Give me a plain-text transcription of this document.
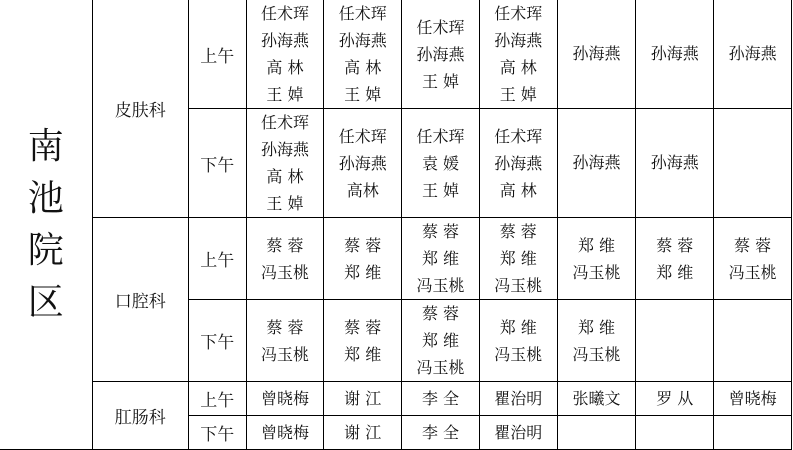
南
池
院
区	皮肤科	上午	任术珲
孙海燕
高 林
王 婥	任术珲
孙海燕
高 林
王 婥	任术珲
孙海燕
王 婥	任术珲
孙海燕
高 林
王 婥	孙海燕	孙海燕	孙海燕
		下午	任术珲
孙海燕
高 林
王 婥	任术珲
孙海燕
高林	任术珲
袁 媛
王 婥	任术珲
孙海燕
高 林	孙海燕	孙海燕	
	口腔科	上午	蔡 蓉
冯玉桃	蔡 蓉
郑 维	蔡 蓉
郑 维
冯玉桃	蔡 蓉
郑 维
冯玉桃	郑 维
冯玉桃	蔡 蓉
郑 维	蔡 蓉
冯玉桃

		下午	蔡 蓉
冯玉桃	蔡 蓉
郑 维	蔡 蓉
郑 维
冯玉桃	郑 维
冯玉桃	郑 维
冯玉桃		

	肛肠科	上午	曾晓梅	谢 江	李 全	瞿治明	张曦文	罗 从	曾晓梅
		下午	曾晓梅	谢 江	李 全	瞿治明			
